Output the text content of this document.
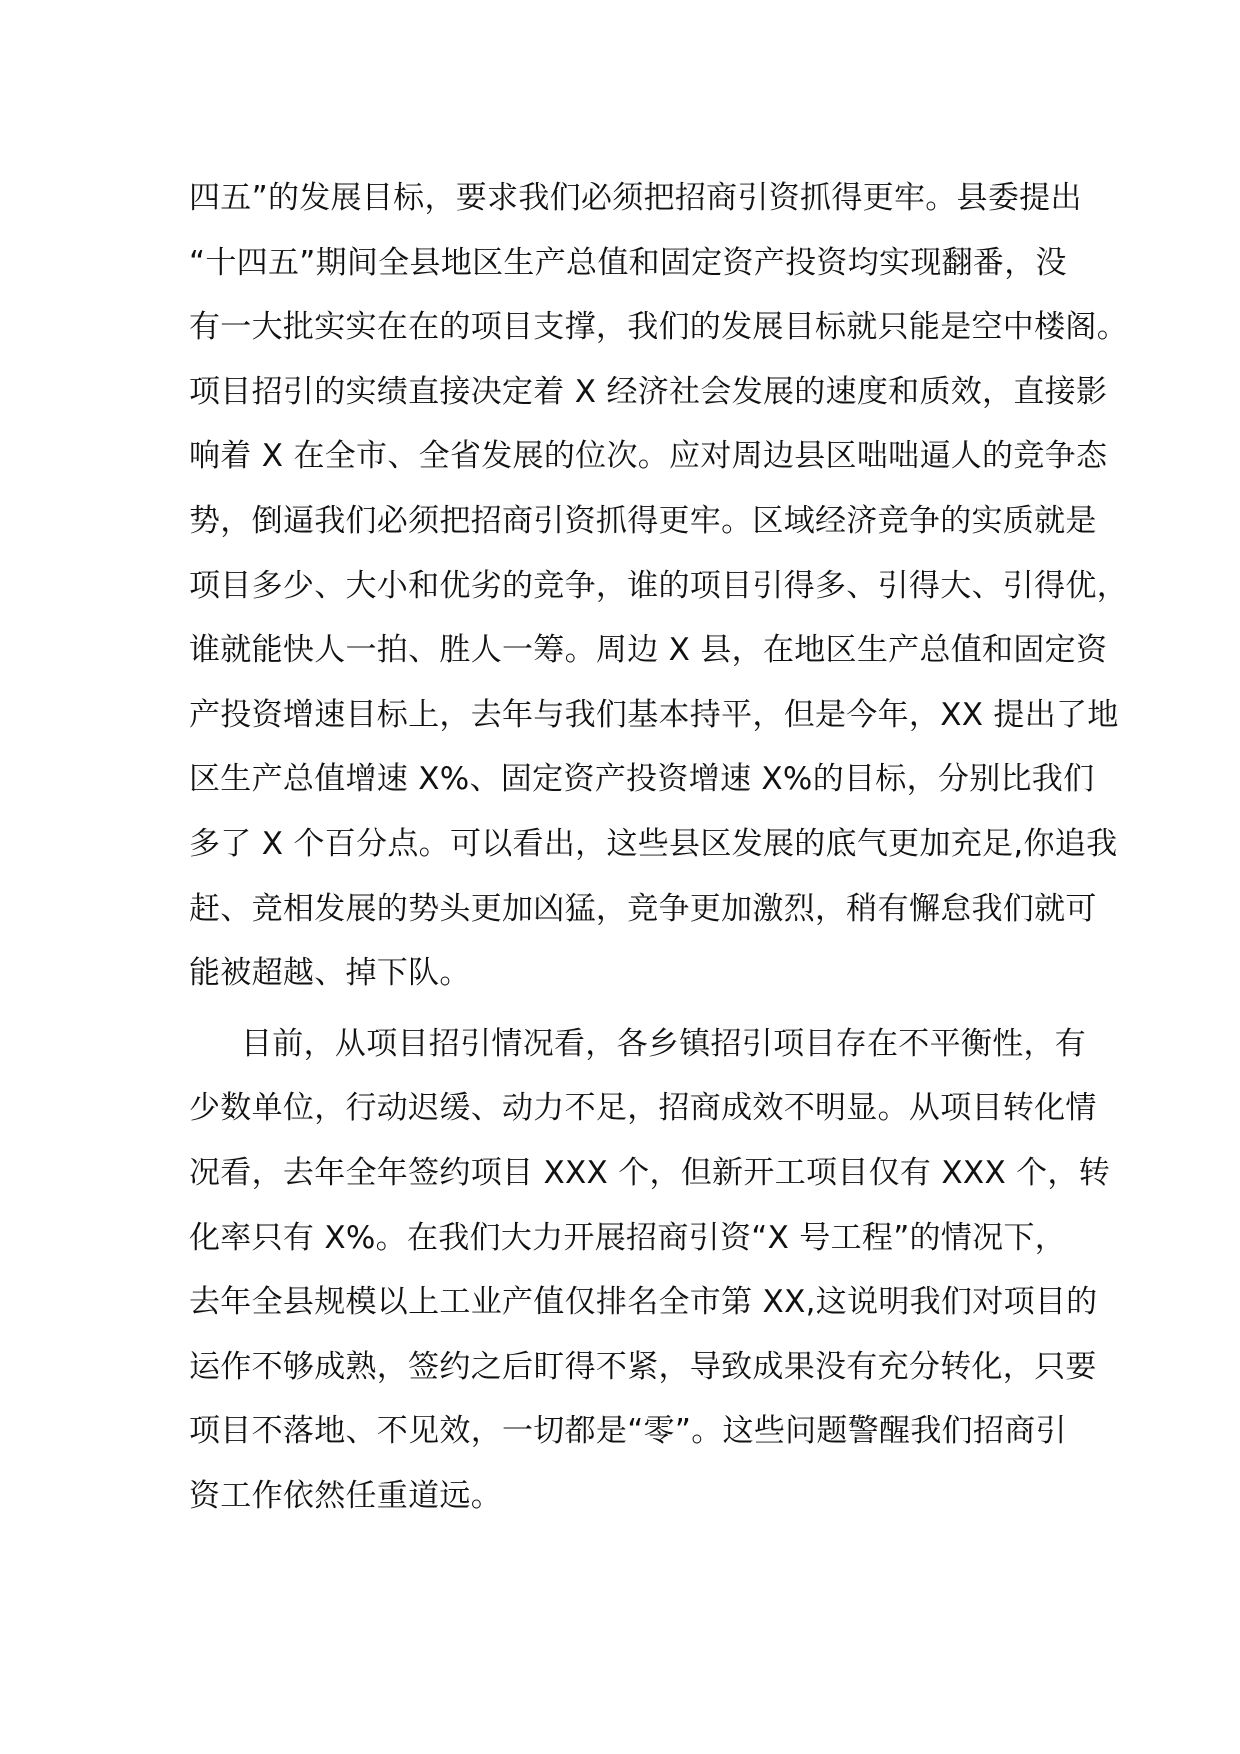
四五”的发展目标，要求我们必须把招商引资抓得更牢。县委提出
“十四五”期间全县地区生产总值和固定资产投资均实现翻番，没
有一大批实实在在的项目支撑，我们的发展目标就只能是空中楼阁。
项目招引的实绩直接决定着 X 经济社会发展的速度和质效，直接影
响着 X 在全市、全省发展的位次。应对周边县区咄咄逼人的竞争态
势，倒逼我们必须把招商引资抓得更牢。区域经济竞争的实质就是
项目多少、大小和优劣的竞争，谁的项目引得多、引得大、引得优，
谁就能快人一拍、胜人一筹。周边 X 县，在地区生产总值和固定资
产投资增速目标上，去年与我们基本持平，但是今年，XX 提出了地
区生产总值增速 X%、固定资产投资增速 X%的目标，分别比我们
多了 X 个百分点。可以看出，这些县区发展的底气更加充足,你追我
赶、竞相发展的势头更加凶猛，竞争更加激烈，稍有懈怠我们就可
能被超越、掉下队。
目前，从项目招引情况看，各乡镇招引项目存在不平衡性，有
少数单位，行动迟缓、动力不足，招商成效不明显。从项目转化情
况看，去年全年签约项目 XXX 个，但新开工项目仅有 XXX 个，转
化率只有 X%。在我们大力开展招商引资“X 号工程”的情况下，
去年全县规模以上工业产值仅排名全市第 XX,这说明我们对项目的
运作不够成熟，签约之后盯得不紧，导致成果没有充分转化，只要
项目不落地、不见效，一切都是“零”。这些问题警醒我们招商引
资工作依然任重道远。
